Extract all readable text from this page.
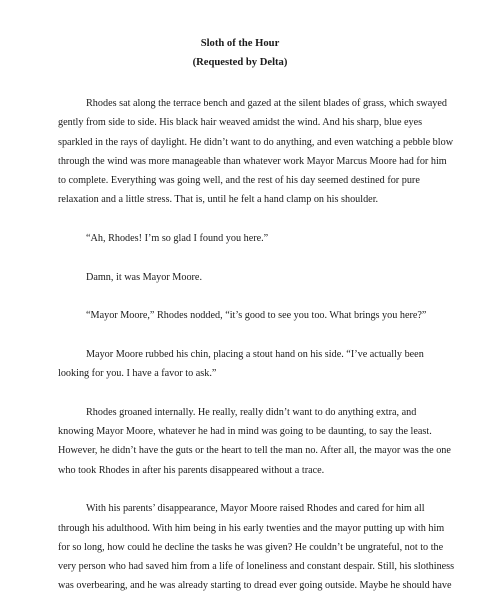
Sloth of the Hour
(Requested by Delta)

Rhodes sat along the terrace bench and gazed at the silent blades of grass, which swayed
gently from side to side. His black hair weaved amidst the wind. And his sharp, blue eyes
sparkled in the rays of daylight. He didn’t want to do anything, and even watching a pebble blow
through the wind was more manageable than whatever work Mayor Marcus Moore had for him
to complete. Everything was going well, and the rest of his day seemed destined for pure
relaxation and a little stress. That is, until he felt a hand clamp on his shoulder.

“Ah, Rhodes! I’m so glad I found you here.”

Damn, it was Mayor Moore.

“Mayor Moore,” Rhodes nodded, “it’s good to see you too. What brings you here?”

Mayor Moore rubbed his chin, placing a stout hand on his side. “I’ve actually been
looking for you. I have a favor to ask.”

Rhodes groaned internally. He really, really didn’t want to do anything extra, and
knowing Mayor Moore, whatever he had in mind was going to be daunting, to say the least.
However, he didn’t have the guts or the heart to tell the man no. After all, the mayor was the one
who took Rhodes in after his parents disappeared without a trace.

With his parents’ disappearance, Mayor Moore raised Rhodes and cared for him all
through his adulthood. With him being in his early twenties and the mayor putting up with him
for so long, how could he decline the tasks he was given? He couldn’t be ungrateful, not to the
very person who had saved him from a life of loneliness and constant despair. Still, his slothiness
was overbearing, and he was already starting to dread ever going outside. Maybe he should have
